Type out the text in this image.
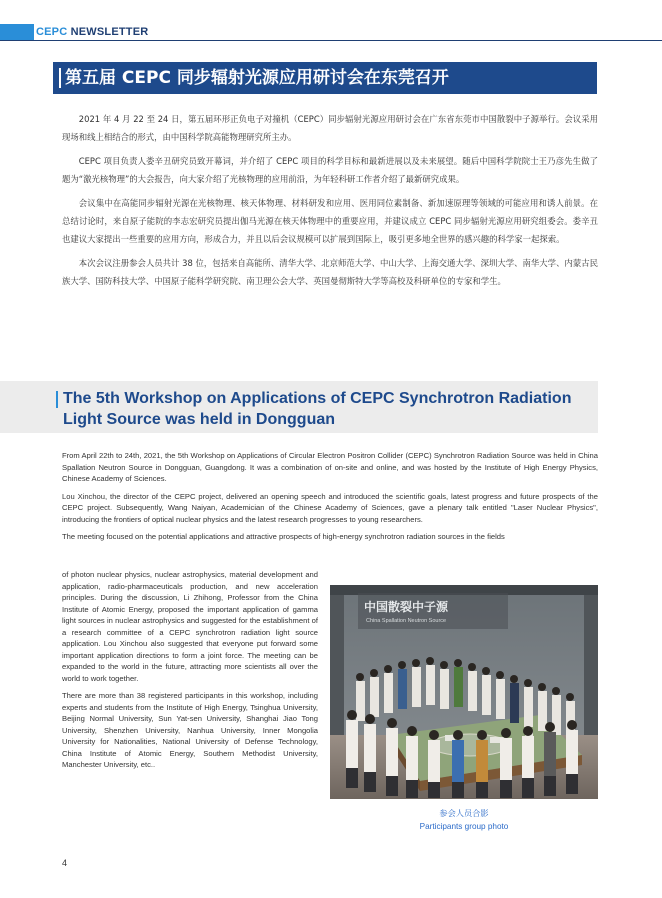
CEPC NEWSLETTER
第五届 CEPC 同步辐射光源应用研讨会在东莞召开

2021 年 4 月 22 至 24 日，第五届环形正负电子对撞机（CEPC）同步辐射光源应用研讨会在广东省东莞市中国散裂中子源举行。会议采用现场和线上相结合的形式，由中国科学院高能物理研究所主办。

CEPC 项目负责人娄辛丑研究员致开幕词，并介绍了 CEPC 项目的科学目标和最新进展以及未来展望。随后中国科学院院士王乃彦先生做了题为“激光核物理”的大会报告，向大家介绍了光核物理的应用前沿，为年轻科研工作者介绍了最新研究成果。

会议集中在高能同步辐射光源在光核物理、核天体物理、材料研发和应用、医用同位素制备、新加速原理等领域的可能应用和诱人前景。在总结讨论时，来自原子能院的李志宏研究员提出伽马光源在核天体物理中的重要应用，并建议成立 CEPC 同步辐射光源应用研究组委会。娄辛丑也建议大家提出一些重要的应用方向，形成合力，并且以后会议规模可以扩展到国际上，吸引更多地全世界的感兴趣的科学家一起探索。

本次会议注册参会人员共计 38 位，包括来自高能所、清华大学、北京师范大学、中山大学、上海交通大学、深圳大学、南华大学、内蒙古民族大学、国防科技大学、中国原子能科学研究院、南卫理公会大学、英国曼彻斯特大学等高校及科研单位的专家和学生。

The 5th Workshop on Applications of CEPC Synchrotron Radiation Light Source was held in Dongguan

From April 22th to 24th, 2021, the 5th Workshop on Applications of Circular Electron Positron Collider (CEPC) Synchrotron Radiation Source was held in China Spallation Neutron Source in Dongguan, Guangdong. It was a combination of on-site and online, and was hosted by the Institute of High Energy Physics, Chinese Academy of Sciences.

Lou Xinchou, the director of the CEPC project, delivered an opening speech and introduced the scientific goals, latest progress and future prospects of the CEPC project. Subsequently, Wang Naiyan, Academician of the Chinese Academy of Sciences, gave a plenary talk entitled "Laser Nuclear Physics", introducing the frontiers of optical nuclear physics and the latest research progresses to young researchers.

The meeting focused on the potential applications and attractive prospects of high-energy synchrotron radiation sources in the fields

of photon nuclear physics, nuclear astrophysics, material development and application, radio-pharmaceuticals production, and new acceleration principles. During the discussion, Li Zhihong, Professor from the China Institute of Atomic Energy, proposed the important application of gamma light sources in nuclear astrophysics and suggested for the establishment of a research committee of a CEPC synchrotron radiation light source application. Lou Xinchou also suggested that everyone put forward some important application directions to form a joint force. The meeting can be expanded to the world in the future, attracting more scientists all over the world to work together.

There are more than 38 registered participants in this workshop, including experts and students from the Institute of High Energy, Tsinghua University, Beijing Normal University, Sun Yat-sen University, Shanghai Jiao Tong University, Shenzhen University, Nanhua University, Inner Mongolia University for Nationalities, National University of Defense Technology, China Institute of Atomic Energy, Southern Methodist University, Manchester University, etc..

中国散裂中子源
China Spallation Neutron Source
参会人员合影
Participants group photo
4
